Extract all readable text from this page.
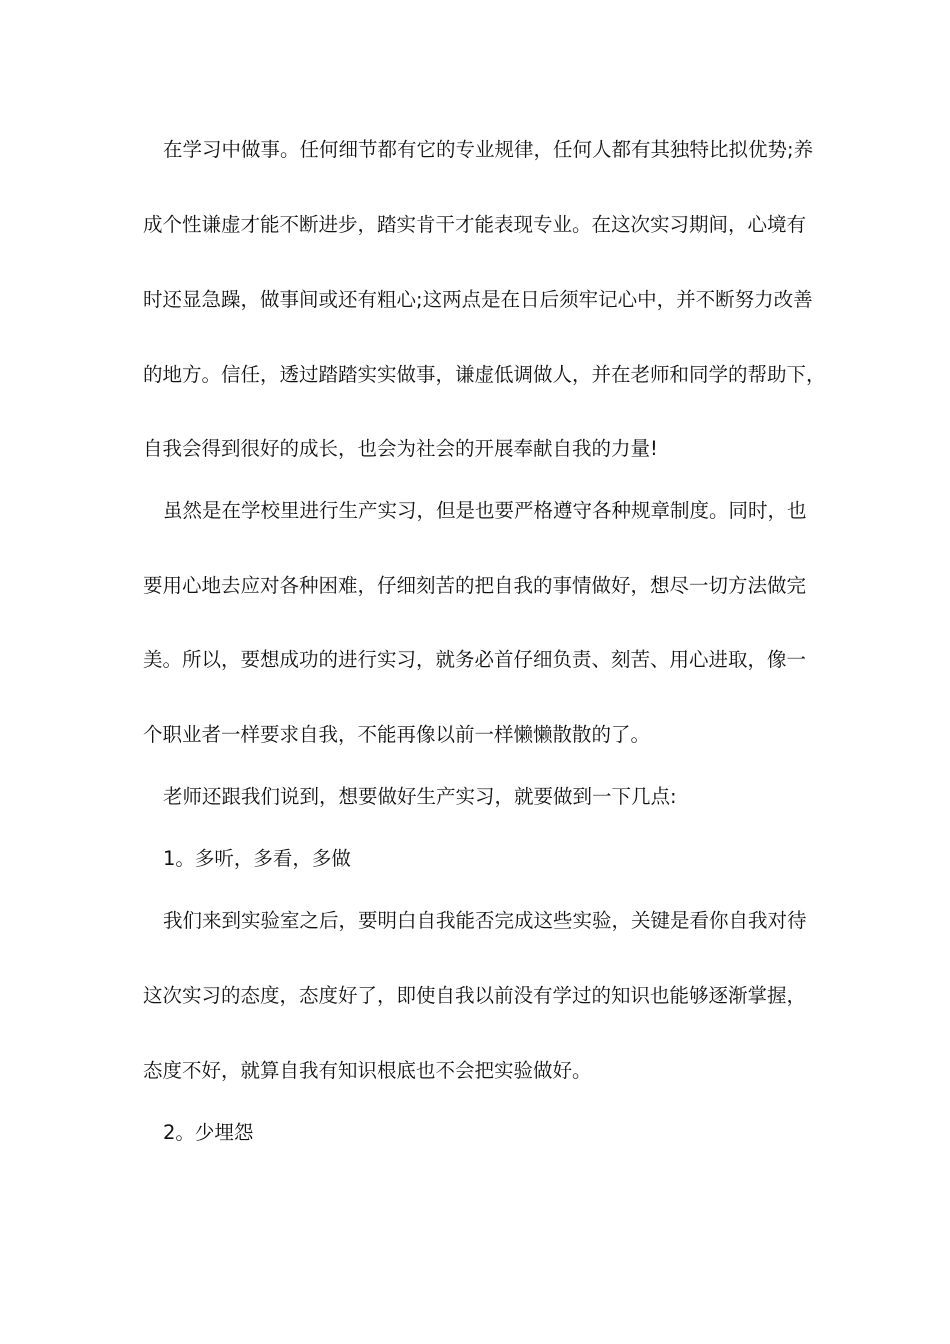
在学习中做事。任何细节都有它的专业规律，任何人都有其独特比拟优势;养
成个性谦虚才能不断进步，踏实肯干才能表现专业。在这次实习期间，心境有
时还显急躁，做事间或还有粗心;这两点是在日后须牢记心中，并不断努力改善
的地方。信任，透过踏踏实实做事，谦虚低调做人，并在老师和同学的帮助下，
自我会得到很好的成长，也会为社会的开展奉献自我的力量!
虽然是在学校里进行生产实习，但是也要严格遵守各种规章制度。同时，也
要用心地去应对各种困难，仔细刻苦的把自我的事情做好，想尽一切方法做完
美。所以，要想成功的进行实习，就务必首仔细负责、刻苦、用心进取，像一
个职业者一样要求自我，不能再像以前一样懒懒散散的了。
老师还跟我们说到，想要做好生产实习，就要做到一下几点:
1。多听，多看，多做
我们来到实验室之后，要明白自我能否完成这些实验，关键是看你自我对待
这次实习的态度，态度好了，即使自我以前没有学过的知识也能够逐渐掌握，
态度不好，就算自我有知识根底也不会把实验做好。
2。少埋怨
